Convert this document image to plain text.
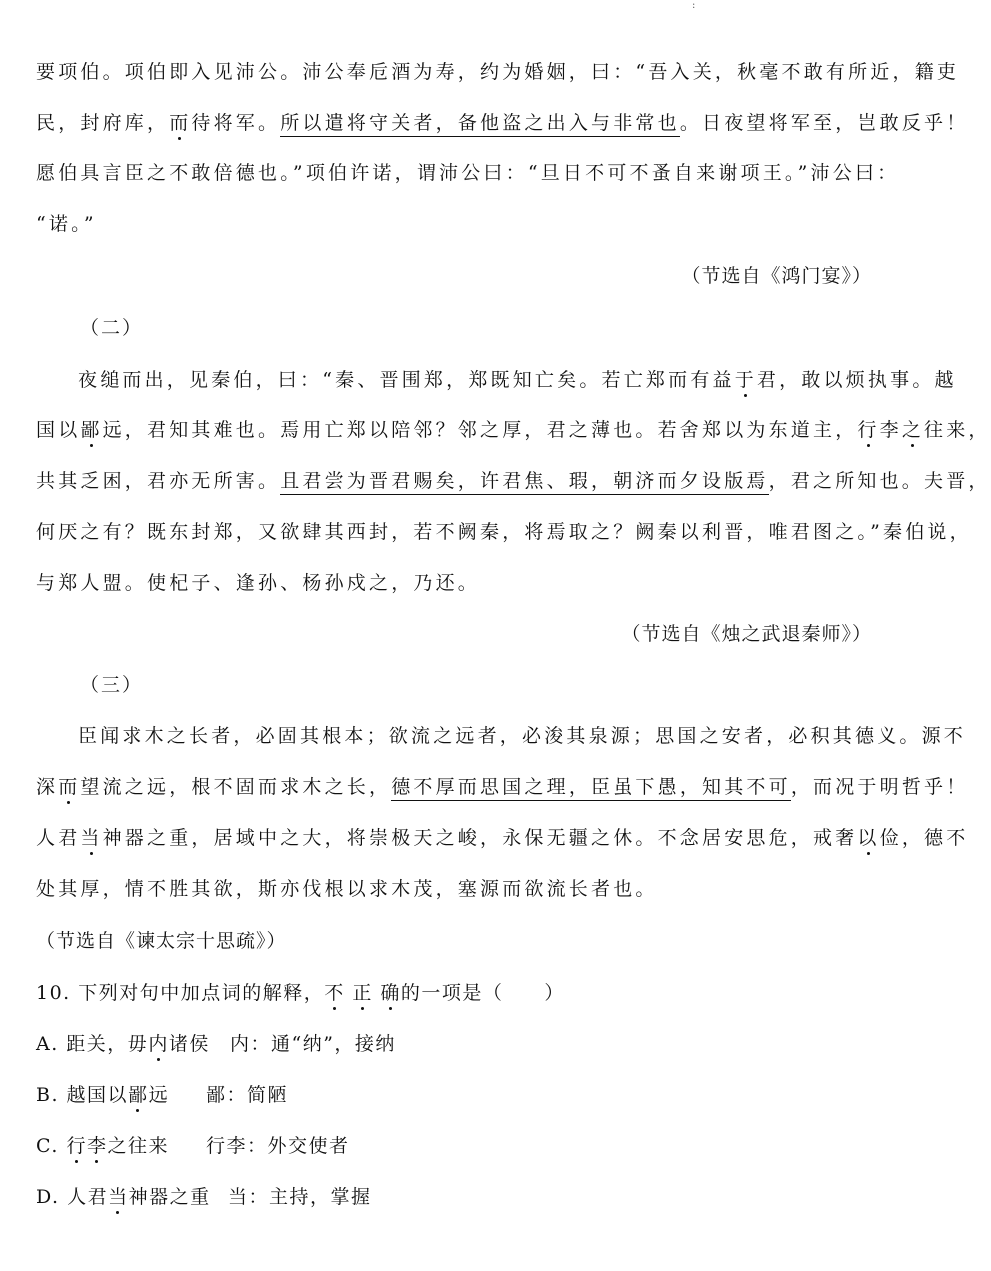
:
要项伯。项伯即入见沛公。沛公奉卮酒为寿，约为婚姻，曰：“吾入关，秋毫不敢有所近，籍吏
民，封府库，而待将军。所以遣将守关者，备他盗之出入与非常也。日夜望将军至，岂敢反乎！
愿伯具言臣之不敢倍德也。”项伯许诺，谓沛公曰：“旦日不可不蚤自来谢项王。”沛公曰：
“诺。”
（节选自《鸿门宴》）
（二）
夜缒而出，见秦伯，曰：“秦、晋围郑，郑既知亡矣。若亡郑而有益于君，敢以烦执事。越
国以鄙远，君知其难也。焉用亡郑以陪邻？邻之厚，君之薄也。若舍郑以为东道主，行李之往来，
共其乏困，君亦无所害。且君尝为晋君赐矣，许君焦、瑕，朝济而夕设版焉，君之所知也。夫晋，
何厌之有？既东封郑，又欲肆其西封，若不阙秦，将焉取之？阙秦以利晋，唯君图之。”秦伯说，
与郑人盟。使杞子、逢孙、杨孙戍之，乃还。
（节选自《烛之武退秦师》）
（三）
臣闻求木之长者，必固其根本；欲流之远者，必浚其泉源；思国之安者，必积其德义。源不
深而望流之远，根不固而求木之长，德不厚而思国之理，臣虽下愚，知其不可，而况于明哲乎！
人君当神器之重，居域中之大，将崇极天之峻，永保无疆之休。不念居安思危，戒奢以俭，德不
处其厚，情不胜其欲，斯亦伐根以求木茂，塞源而欲流长者也。
（节选自《谏太宗十思疏》）
10. 下列对句中加点词的解释，不 正 确的一项是（　　）
A. 距关，毋内诸侯 内：通“纳”，接纳
B. 越国以鄙远 鄙：简陋
C. 行李之往来 行李：外交使者
D. 人君当神器之重 当：主持，掌握
